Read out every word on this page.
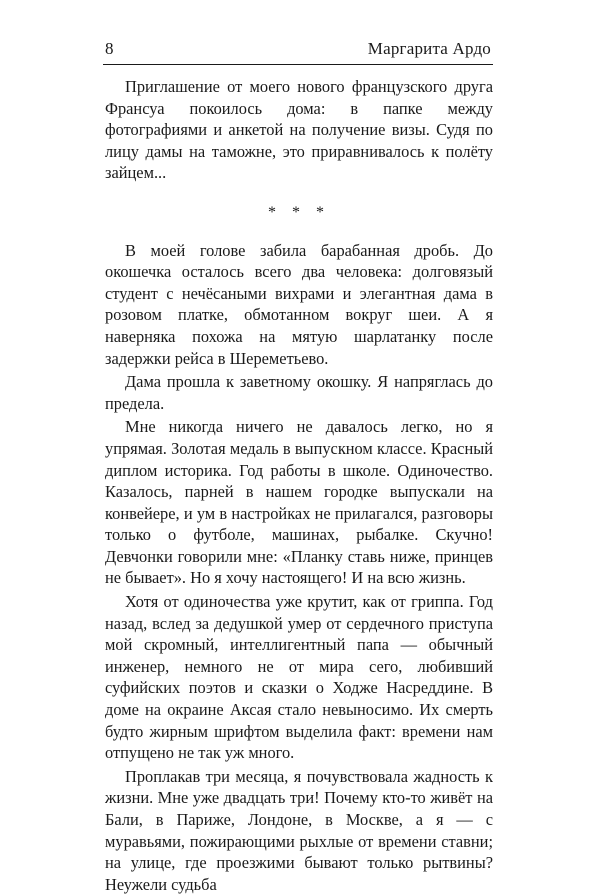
8	Маргарита Ардо

Приглашение от моего нового французского друга Франсуа покоилось дома: в папке между фотографиями и анкетой на получение визы. Судя по лицу дамы на таможне, это приравнивалось к полёту зайцем...

* * *

В моей голове забила барабанная дробь. До окошечка осталось всего два человека: долговязый студент с нечёсаными вихрами и элегантная дама в розовом платке, обмотанном вокруг шеи. А я наверняка похожа на мятую шарлатанку после задержки рейса в Шереметьево.

Дама прошла к заветному окошку. Я напряглась до предела.

Мне никогда ничего не давалось легко, но я упрямая. Золотая медаль в выпускном классе. Красный диплом историка. Год работы в школе. Одиночество. Казалось, парней в нашем городке выпускали на конвейере, и ум в настройках не прилагался, разговоры только о футболе, машинах, рыбалке. Скучно! Девчонки говорили мне: «Планку ставь ниже, принцев не бывает». Но я хочу настоящего! И на всю жизнь.

Хотя от одиночества уже крутит, как от гриппа. Год назад, вслед за дедушкой умер от сердечного приступа мой скромный, интеллигентный папа — обычный инженер, немного не от мира сего, любивший суфийских поэтов и сказки о Ходже Насреддине. В доме на окраине Аксая стало невыносимо. Их смерть будто жирным шрифтом выделила факт: времени нам отпущено не так уж много.

Проплакав три месяца, я почувствовала жадность к жизни. Мне уже двадцать три! Почему кто-то живёт на Бали, в Париже, Лондоне, в Москве, а я — с муравьями, пожирающими рыхлые от времени ставни; на улице, где проезжими бывают только рытвины? Неужели судьба
